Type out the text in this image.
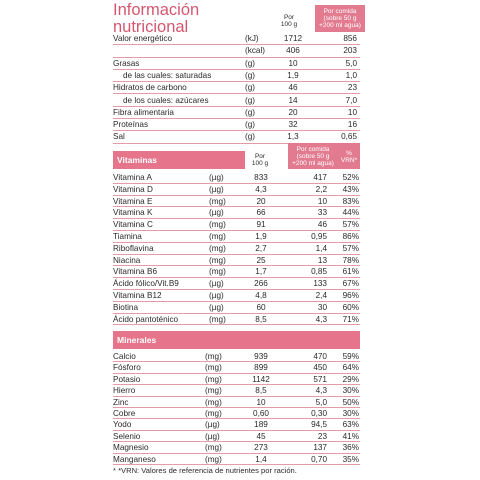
Información
nutricional
Por
100 g
Por comida
(sobre 50 g
+200 ml agua)
Valor energético	(kJ)	1712	856
(kcal)	406	203
Grasas	(g)	10	5,0
de las cuales: saturadas	(g)	1,9	1,0
Hidratos de carbono	(g)	46	23
de los cuales: azúcares	(g)	14	7,0
Fibra alimentaria	(g)	20	10
Proteínas	(g)	32	16
Sal	(g)	1,3	0,65
Vitaminas	Por
100 g
Por comida
(sobre 50 g
+200 ml agua)
%
VRN*
Vitamina A	(µg)	833	417	52%
Vitamina D	(µg)	4,3	2,2	43%
Vitamina E	(mg)	20	10	83%
Vitamina K	(µg)	66	33	44%
Vitamina C	(mg)	91	46	57%
Tiamina	(mg)	1,9	0,95	86%
Riboflavina	(mg)	2,7	1,4	57%
Niacina	(mg)	25	13	78%
Vitamina B6	(mg)	1,7	0,85	61%
Ácido fólico/Vit.B9	(µg)	266	133	67%
Vitamina B12	(µg)	4,8	2,4	96%
Biotina	(µg)	60	30	60%
Ácido pantoténico	(mg)	8,5	4,3	71%
Minerales
Calcio	(mg)	939	470	59%
Fósforo	(mg)	899	450	64%
Potasio	(mg)	1142	571	29%
Hierro	(mg)	8,5	4,3	30%
Zinc	(mg)	10	5,0	50%
Cobre	(mg)	0,60	0,30	30%
Yodo	(µg)	189	94,5	63%
Selenio	(µg)	45	23	41%
Magnesio	(mg)	273	137	36%
Manganeso	(mg)	1,4	0,70	35%
* *VRN: Valores de referencia de nutrientes por ración.
